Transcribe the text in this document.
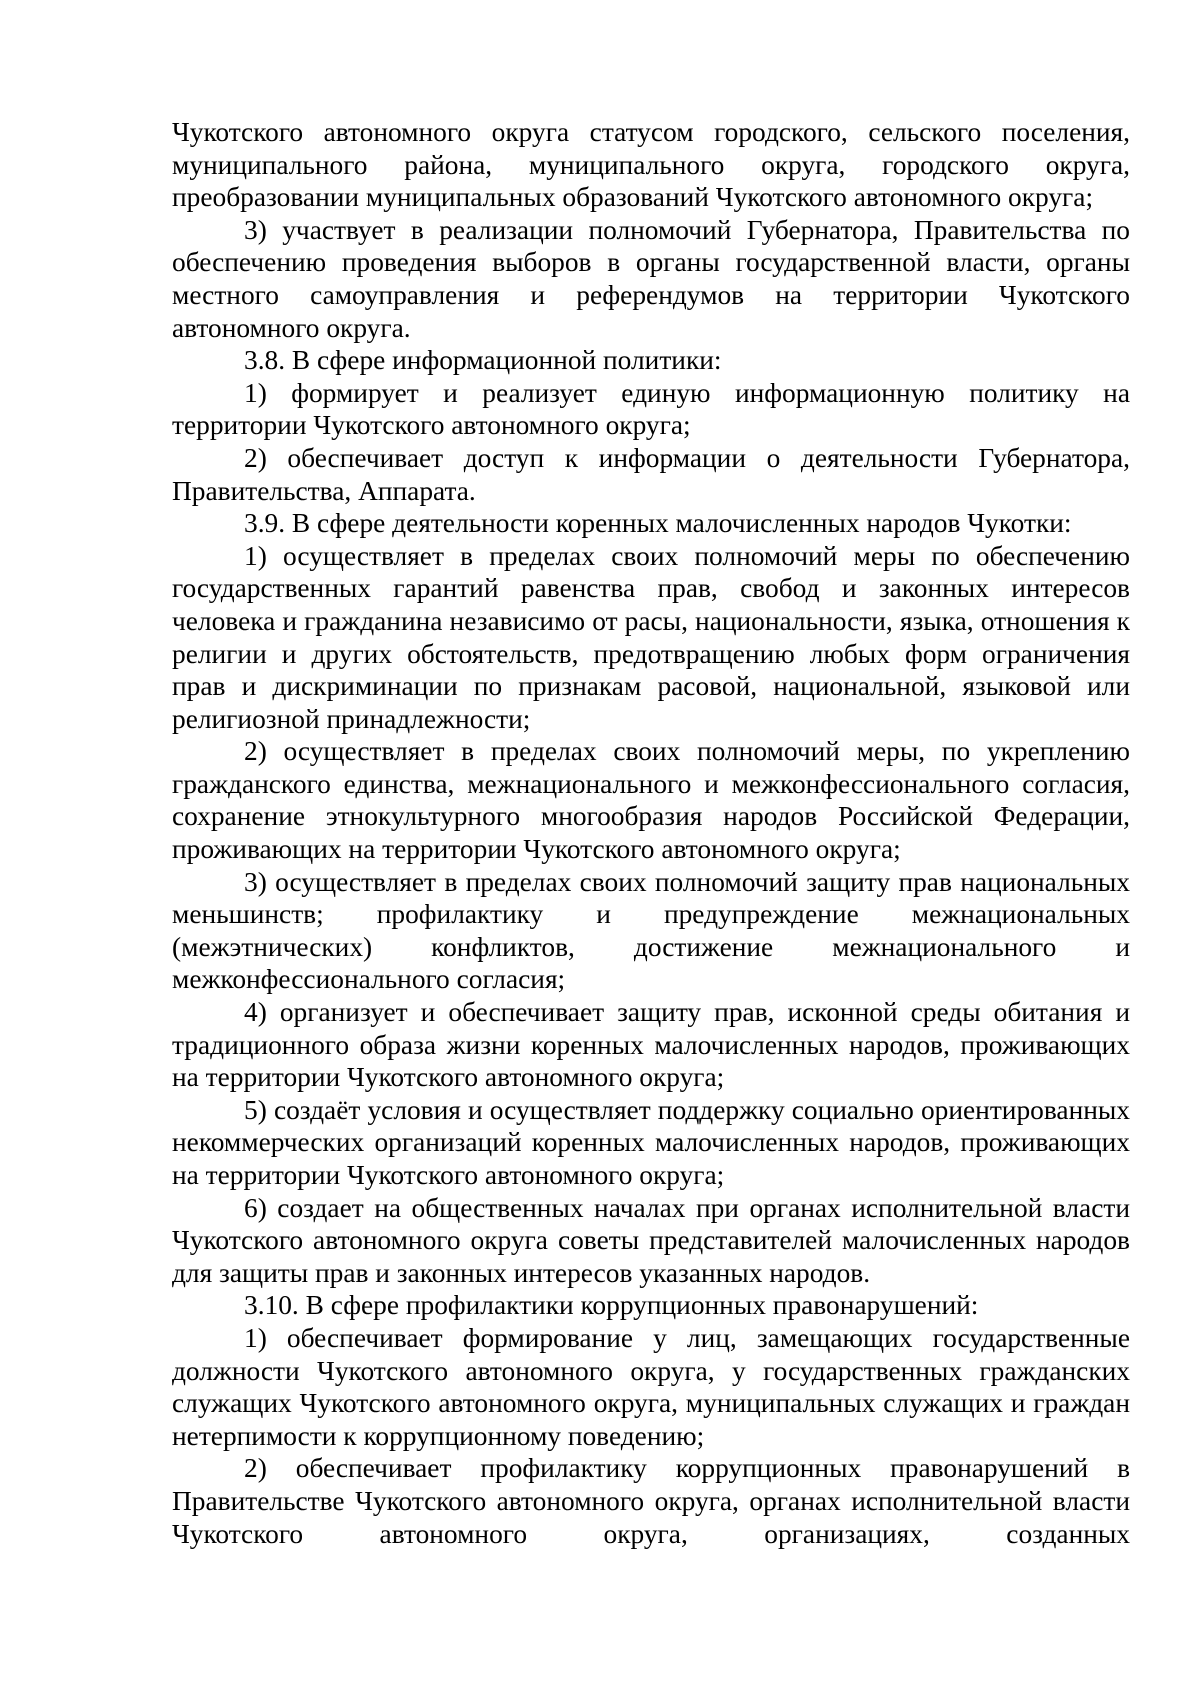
Чукотского автономного округа статусом городского, сельского поселения, муниципального района, муниципального округа, городского округа, преобразовании муниципальных образований Чукотского автономного округа;

3) участвует в реализации полномочий Губернатора, Правительства по обеспечению проведения выборов в органы государственной власти, органы местного самоуправления и референдумов на территории Чукотского автономного округа.

3.8. В сфере информационной политики:

1) формирует и реализует единую информационную политику на территории Чукотского автономного округа;

2) обеспечивает доступ к информации о деятельности Губернатора, Правительства, Аппарата.

3.9. В сфере деятельности коренных малочисленных народов Чукотки:

1) осуществляет в пределах своих полномочий меры по обеспечению государственных гарантий равенства прав, свобод и законных интересов человека и гражданина независимо от расы, национальности, языка, отношения к религии и других обстоятельств, предотвращению любых форм ограничения прав и дискриминации по признакам расовой, национальной, языковой или религиозной принадлежности;

2) осуществляет в пределах своих полномочий меры, по укреплению гражданского единства, межнационального и межконфессионального согласия, сохранение этнокультурного многообразия народов Российской Федерации, проживающих на территории Чукотского автономного округа;

3) осуществляет в пределах своих полномочий защиту прав национальных меньшинств; профилактику и предупреждение межнациональных (межэтнических) конфликтов, достижение межнационального и межконфессионального согласия;

4) организует и обеспечивает защиту прав, исконной среды обитания и традиционного образа жизни коренных малочисленных народов, проживающих на территории Чукотского автономного округа;

5) создаёт условия и осуществляет поддержку социально ориентированных некоммерческих организаций коренных малочисленных народов, проживающих на территории Чукотского автономного округа;

6) создает на общественных началах при органах исполнительной власти Чукотского автономного округа советы представителей малочисленных народов для защиты прав и законных интересов указанных народов.

3.10. В сфере профилактики коррупционных правонарушений:

1) обеспечивает формирование у лиц, замещающих государственные должности Чукотского автономного округа, у государственных гражданских служащих Чукотского автономного округа, муниципальных служащих и граждан нетерпимости к коррупционному поведению;

2) обеспечивает профилактику коррупционных правонарушений в Правительстве Чукотского автономного округа, органах исполнительной власти Чукотского автономного округа, организациях, созданных
